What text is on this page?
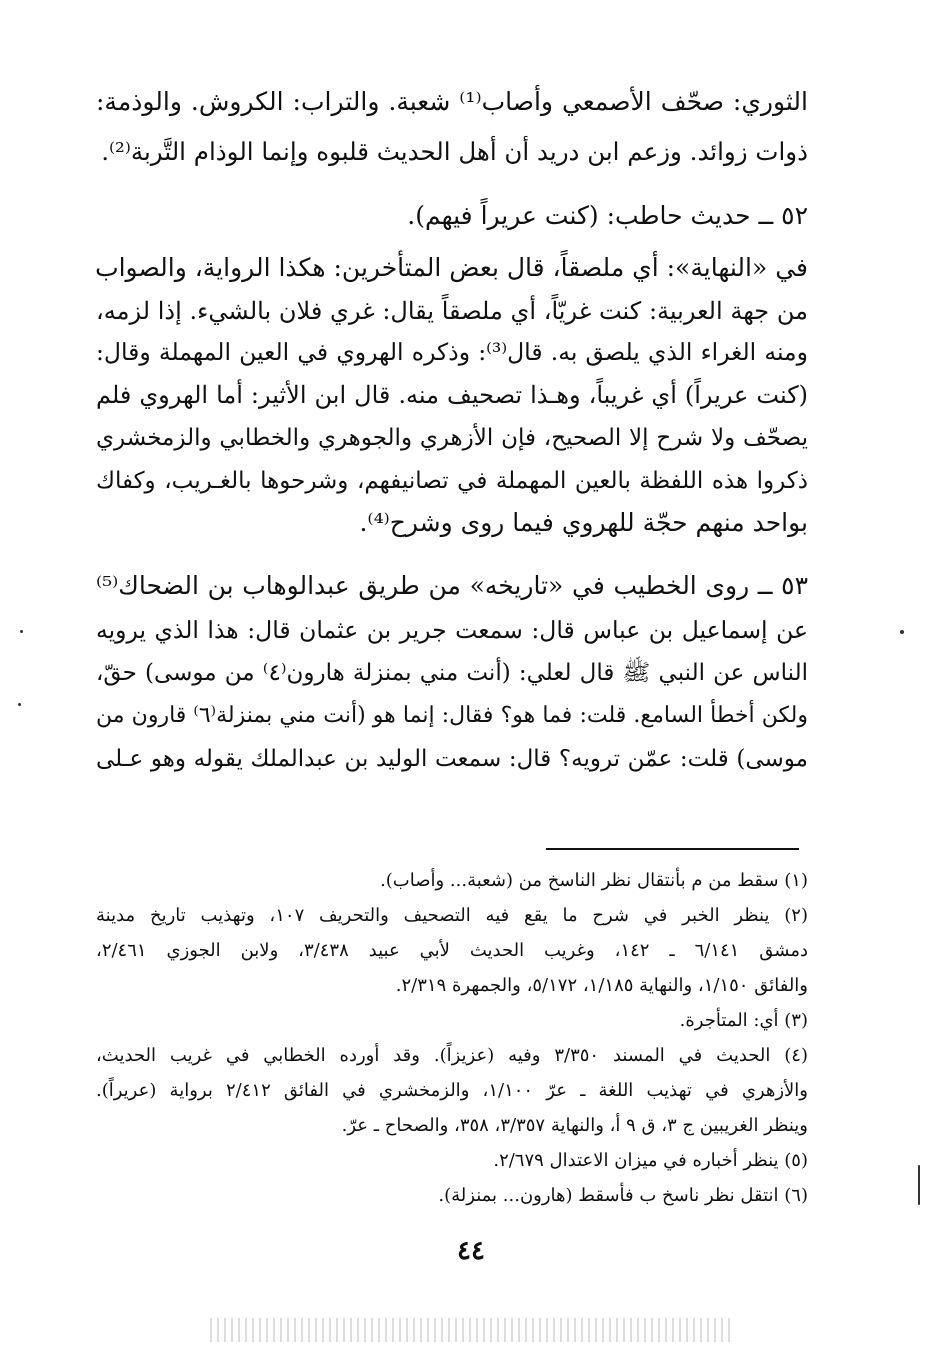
الثوري: صحّف الأصمعي وأصاب⁽¹⁾ شعبة. والتراب: الكروش. والوذمة:
ذوات زوائد. وزعم ابن دريد أن أهل الحديث قلبوه وإنما الوذام التَّربة⁽²⁾.
٥٢ ــ حديث حاطب: (كنت عريراً فيهم).
في «النهاية»: أي ملصقاً، قال بعض المتأخرين: هكذا الرواية، والصواب
من جهة العربية: كنت غريّاً، أي ملصقاً يقال: غري فلان بالشيء. إذا لزمه،
ومنه الغراء الذي يلصق به. قال⁽³⁾: وذكره الهروي في العين المهملة وقال:
(كنت عريراً) أي غريباً، وهـذا تصحيف منه. قال ابن الأثير: أما الهروي فلم
يصحّف ولا شرح إلا الصحيح، فإن الأزهري والجوهري والخطابي والزمخشري
ذكروا هذه اللفظة بالعين المهملة في تصانيفهم، وشرحوها بالغـريب، وكفاك
بواحد منهم حجّة للهروي فيما روى وشرح⁽⁴⁾.
٥٣ ــ روى الخطيب في «تاريخه» من طريق عبدالوهاب بن الضحاك⁽⁵⁾
عن إسماعيل بن عباس قال: سمعت جرير بن عثمان قال: هذا الذي يرويه
الناس عن النبي ﷺ قال لعلي: (أنت مني بمنزلة هارون⁽٤⁾ من موسى) حقّ،
ولكن أخطأ السامع. قلت: فما هو؟ فقال: إنما هو (أنت مني بمنزلة⁽٦⁾ قارون من
موسى) قلت: عمّن ترويه؟ قال: سمعت الوليد بن عبدالملك يقوله وهو عـلى
(١) سقط من م بأنتقال نظر الناسخ من (شعبة... وأصاب).
(٢) ينظر الخبر في شرح ما يقع فيه التصحيف والتحريف ١٠٧، وتهذيب تاريخ مدينة
دمشق ٦/١٤١ ـ ١٤٢، وغريب الحديث لأبي عبيد ٣/٤٣٨، ولابن الجوزي ٢/٤٦١،
والفائق ١/١٥٠، والنهاية ١/١٨٥، ٥/١٧٢، والجمهرة ٢/٣١٩.
(٣) أي: المتأجرة.
(٤) الحديث في المسند ٣/٣٥٠ وفيه (عزيزاً). وقد أورده الخطابي في غريب الحديث،
والأزهري في تهذيب اللغة ـ عرّ ١/١٠٠، والزمخشري في الفائق ٢/٤١٢ برواية (عريراً).
وينظر الغريبين ج ٣، ق ٩ أ، والنهاية ٣/٣٥٧، ٣٥٨، والصحاح ـ عرّ.
(٥) ينظر أخباره في ميزان الاعتدال ٢/٦٧٩.
(٦) انتقل نظر ناسخ ب فأسقط (هارون... بمنزلة).
٤٤
